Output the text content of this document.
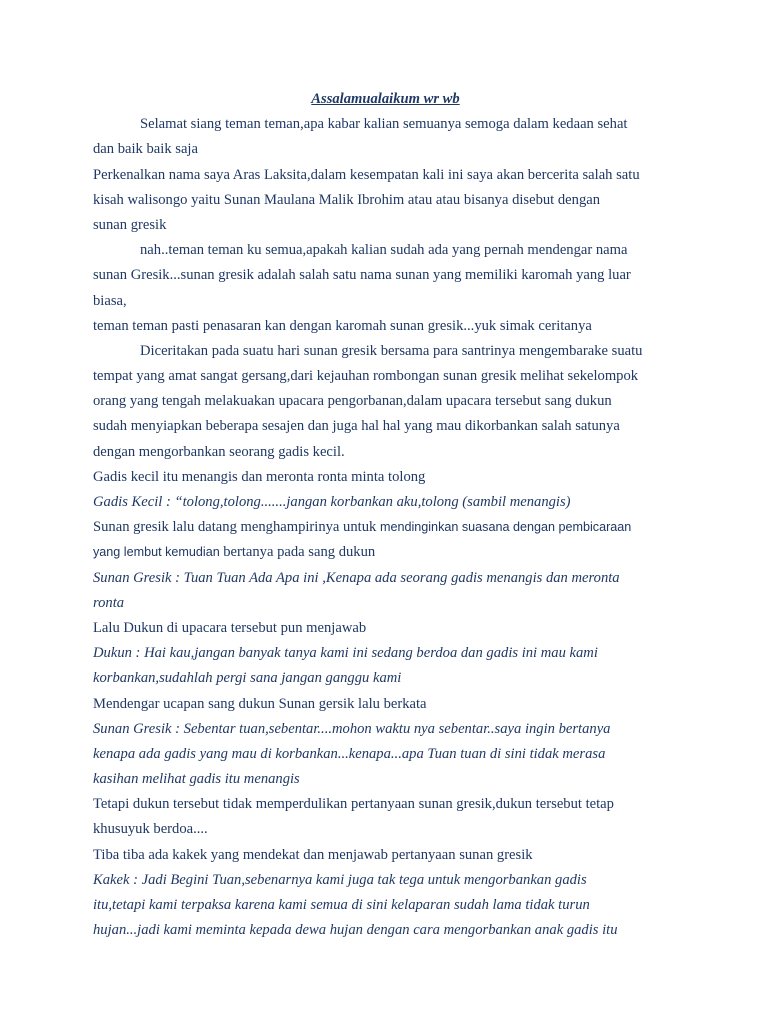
Assalamualaikum wr wb
Selamat siang teman teman,apa kabar kalian semuanya semoga dalam kedaan sehat
dan baik baik saja
Perkenalkan nama saya Aras Laksita,dalam kesempatan kali ini saya akan bercerita salah satu
kisah walisongo yaitu Sunan Maulana Malik Ibrohim atau atau bisanya disebut dengan
sunan gresik
nah..teman teman ku semua,apakah kalian sudah ada yang pernah mendengar nama
sunan Gresik...sunan gresik adalah salah satu nama sunan yang memiliki karomah yang luar
biasa,
teman teman pasti penasaran kan dengan karomah sunan gresik...yuk simak ceritanya
Diceritakan pada suatu hari sunan gresik bersama para santrinya mengembarake suatu
tempat yang amat sangat gersang,dari kejauhan rombongan sunan gresik melihat sekelompok
orang yang tengah melakuakan upacara pengorbanan,dalam upacara tersebut sang dukun
sudah menyiapkan beberapa sesajen dan juga hal hal yang mau dikorbankan salah satunya
dengan mengorbankan seorang gadis kecil.
Gadis kecil itu menangis dan meronta ronta minta tolong
Gadis Kecil : “tolong,tolong.......jangan korbankan aku,tolong (sambil menangis)
Sunan gresik lalu datang menghampirinya untuk mendinginkan suasana dengan pembicaraan
yang lembut kemudian bertanya pada sang dukun
Sunan Gresik : Tuan Tuan Ada Apa ini ,Kenapa ada seorang gadis menangis dan meronta
ronta
Lalu Dukun di upacara tersebut pun menjawab
Dukun : Hai kau,jangan banyak tanya kami ini sedang berdoa dan gadis ini mau kami
korbankan,sudahlah pergi sana jangan ganggu kami
Mendengar ucapan sang dukun Sunan gersik lalu berkata
Sunan Gresik : Sebentar tuan,sebentar....mohon waktu nya sebentar..saya ingin bertanya
kenapa ada gadis yang mau di korbankan...kenapa...apa Tuan tuan di sini tidak merasa
kasihan melihat gadis itu menangis
Tetapi dukun tersebut tidak memperdulikan pertanyaan sunan gresik,dukun tersebut tetap
khusuyuk berdoa....
Tiba tiba ada kakek yang mendekat dan menjawab pertanyaan sunan gresik
Kakek : Jadi Begini Tuan,sebenarnya kami juga tak tega untuk mengorbankan gadis
itu,tetapi kami terpaksa karena kami semua di sini kelaparan sudah lama tidak turun
hujan...jadi kami meminta kepada dewa hujan dengan cara mengorbankan anak gadis itu
